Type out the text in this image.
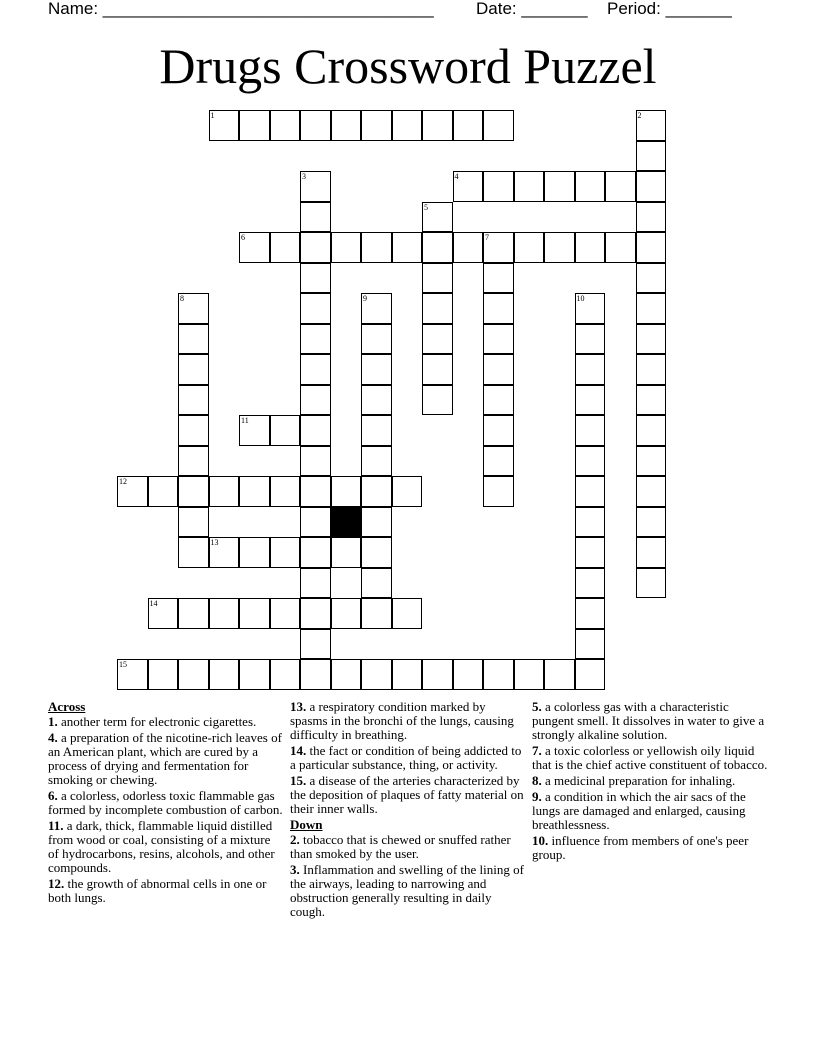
Name: ___________________________________ Date: _______ Period: _______
Drugs Crossword Puzzel
1	2
3	4
5
6	7
8	9	10
11
12
13
14
15
Across
1. another term for electronic cigarettes.
4. a preparation of the nicotine-rich leaves of an American plant, which are cured by a process of drying and fermentation for smoking or chewing.
6. a colorless, odorless toxic flammable gas formed by incomplete combustion of carbon.
11. a dark, thick, flammable liquid distilled from wood or coal, consisting of a mixture of hydrocarbons, resins, alcohols, and other compounds.
12. the growth of abnormal cells in one or both lungs.
13. a respiratory condition marked by spasms in the bronchi of the lungs, causing difficulty in breathing.
14. the fact or condition of being addicted to a particular substance, thing, or activity.
15. a disease of the arteries characterized by the deposition of plaques of fatty material on their inner walls.
Down
2. tobacco that is chewed or snuffed rather than smoked by the user.
3. Inflammation and swelling of the lining of the airways, leading to narrowing and obstruction generally resulting in daily cough.
5. a colorless gas with a characteristic pungent smell. It dissolves in water to give a strongly alkaline solution.
7. a toxic colorless or yellowish oily liquid that is the chief active constituent of tobacco.
8. a medicinal preparation for inhaling.
9. a condition in which the air sacs of the lungs are damaged and enlarged, causing breathlessness.
10. influence from members of one's peer group.
